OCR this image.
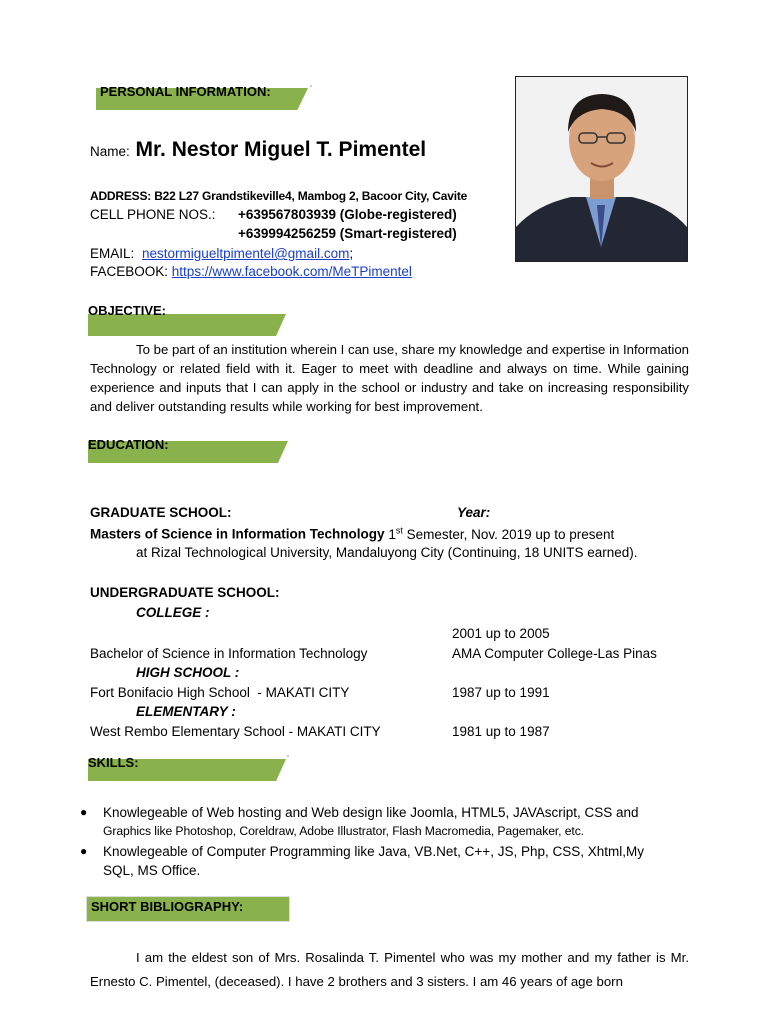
PERSONAL INFORMATION:	'
Name: Mr. Nestor Miguel T. Pimentel
ADDRESS: B22 L27 Grandstikeville4, Mambog 2, Bacoor City, Cavite
CELL PHONE NOS.: +639567803939 (Globe-registered)
+639994256259 (Smart-registered)
EMAIL: nestormigueltpimentel@gmail.com;
FACEBOOK: https://www.facebook.com/MeTPimentel
OBJECTIVE:
To be part of an institution wherein I can use, share my knowledge and expertise in Information Technology or related field with it. Eager to meet with deadline and always on time. While gaining experience and inputs that I can apply in the school or industry and take on increasing responsibility and deliver outstanding results while working for best improvement.
EDUCATION:
GRADUATE SCHOOL:	Year:
Masters of Science in Information Technology 1st Semester, Nov. 2019 up to present
at Rizal Technological University, Mandaluyong City (Continuing, 18 UNITS earned).
UNDERGRADUATE SCHOOL:
COLLEGE :
2001 up to 2005
Bachelor of Science in Information Technology	AMA Computer College-Las Pinas
HIGH SCHOOL :
Fort Bonifacio High School  - MAKATI CITY	1987 up to 1991
ELEMENTARY :
West Rembo Elementary School - MAKATI CITY	1981 up to 1987
SKILLS:	'
● Knowlegeable of Web hosting and Web design like Joomla, HTML5, JAVAscript, CSS and
Graphics like Photoshop, Coreldraw, Adobe Illustrator, Flash Macromedia, Pagemaker, etc.
● Knowlegeable of Computer Programming like Java, VB.Net, C++, JS, Php, CSS, Xhtml,My
SQL, MS Office.
SHORT BIBLIOGRAPHY:
I am the eldest son of Mrs. Rosalinda T. Pimentel who was my mother and my father is Mr. Ernesto C. Pimentel, (deceased). I have 2 brothers and 3 sisters. I am 46 years of age born
